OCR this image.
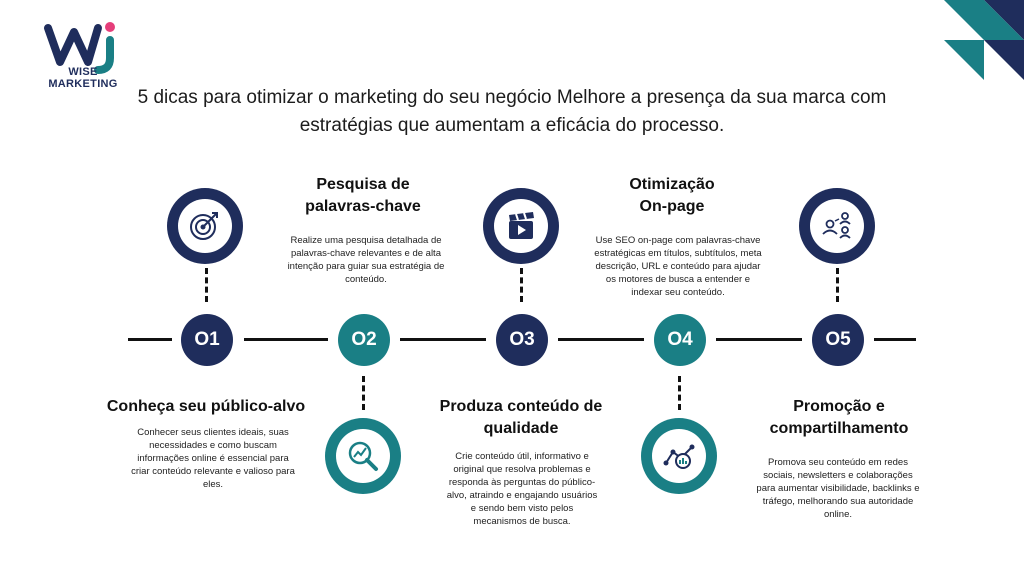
WISE MARKETING
5 dicas para otimizar o marketing do seu negócio Melhore a presença da sua marca com estratégias que aumentam a eficácia do processo.
O1	O2	O3	O4	O5
Conheça seu público-alvo
Conhecer seus clientes ideais, suas necessidades e como buscam informações online é essencial para criar conteúdo relevante e valioso para eles.
Pesquisa de palavras-chave
Realize uma pesquisa detalhada de palavras-chave relevantes e de alta intenção para guiar sua estratégia de conteúdo.
Produza conteúdo de qualidade
Crie conteúdo útil, informativo e original que resolva problemas e responda às perguntas do público-alvo, atraindo e engajando usuários e sendo bem visto pelos mecanismos de busca.
Otimização On-page
Use SEO on-page com palavras-chave estratégicas em títulos, subtítulos, meta descrição, URL e conteúdo para ajudar os motores de busca a entender e indexar seu conteúdo.
Promoção e compartilhamento
Promova seu conteúdo em redes sociais, newsletters e colaborações para aumentar visibilidade, backlinks e tráfego, melhorando sua autoridade online.
